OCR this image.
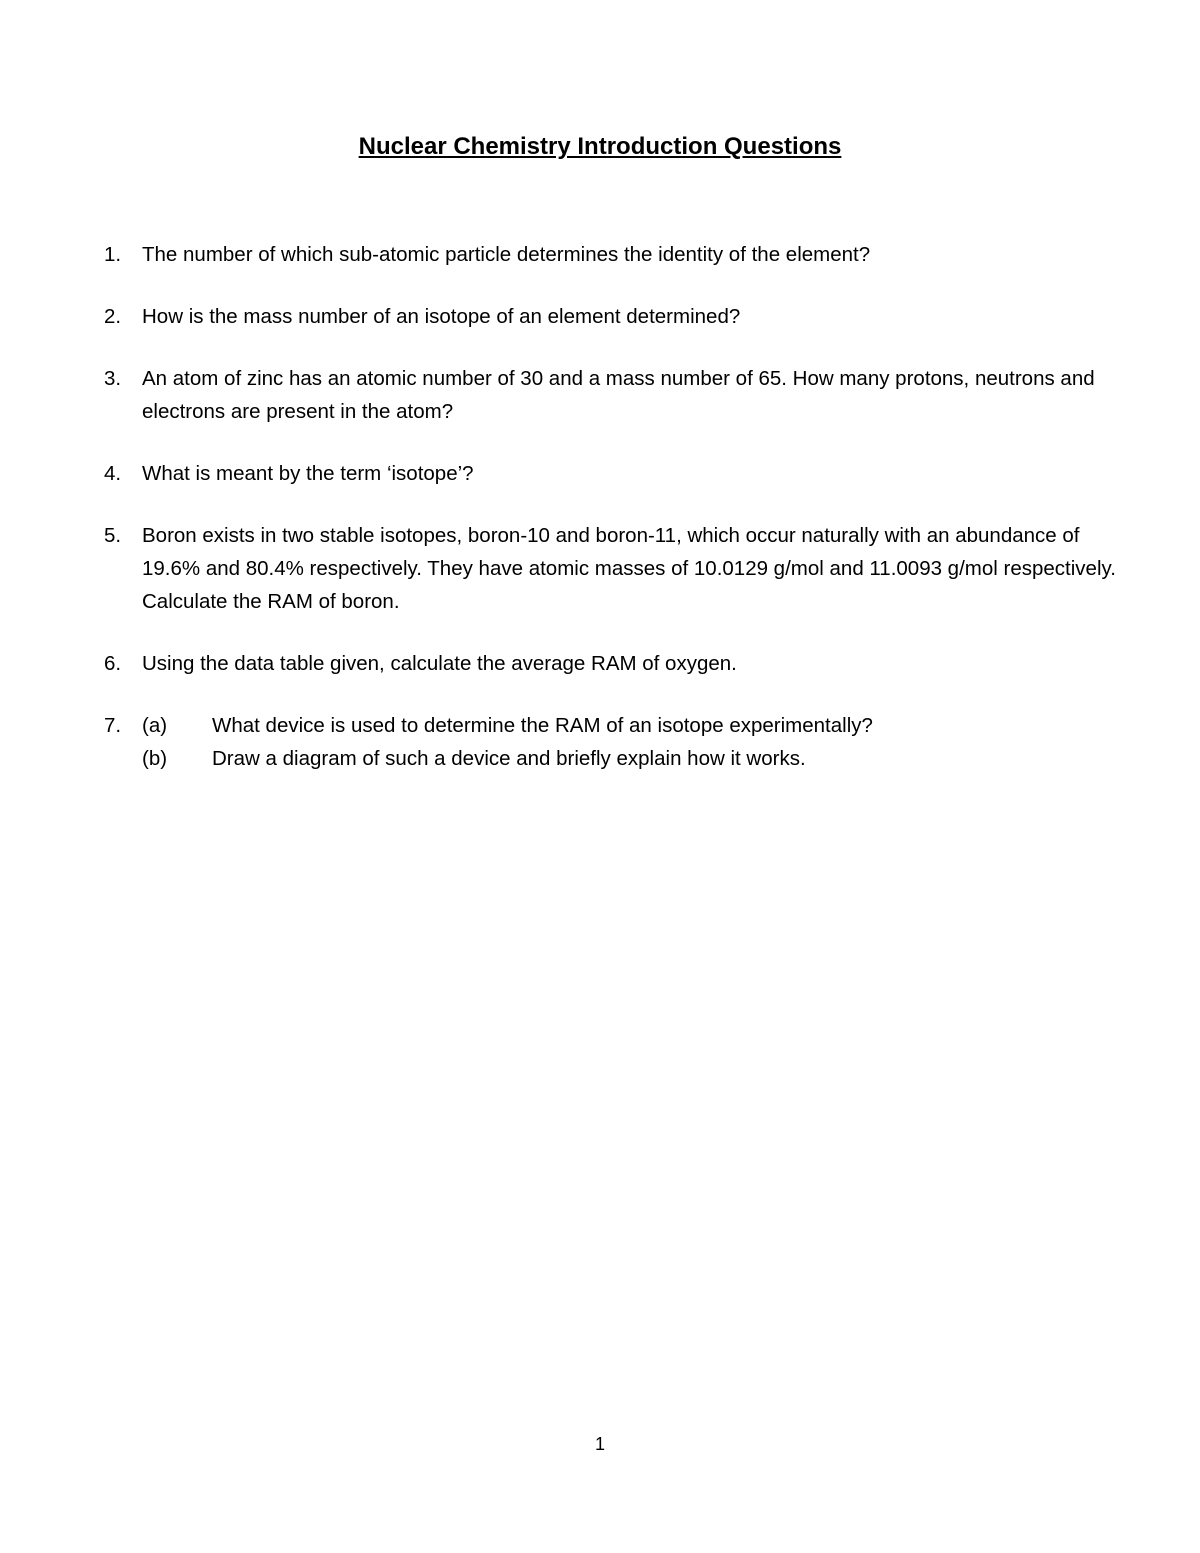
Nuclear Chemistry Introduction Questions
1.	The number of which sub-atomic particle determines the identity of the element?
2.	How is the mass number of an isotope of an element determined?
3.	An atom of zinc has an atomic number of 30 and a mass number of 65. How many protons, neutrons and electrons are present in the atom?
4.	What is meant by the term ‘isotope’?
5.	Boron exists in two stable isotopes, boron-10 and boron-11, which occur naturally with an abundance of 19.6% and 80.4% respectively. They have atomic masses of 10.0129 g/mol and 11.0093 g/mol respectively. Calculate the RAM of boron.
6.	Using the data table given, calculate the average RAM of oxygen.
7.	(a)	What device is used to determine the RAM of an isotope experimentally?
(b)	Draw a diagram of such a device and briefly explain how it works.
1
